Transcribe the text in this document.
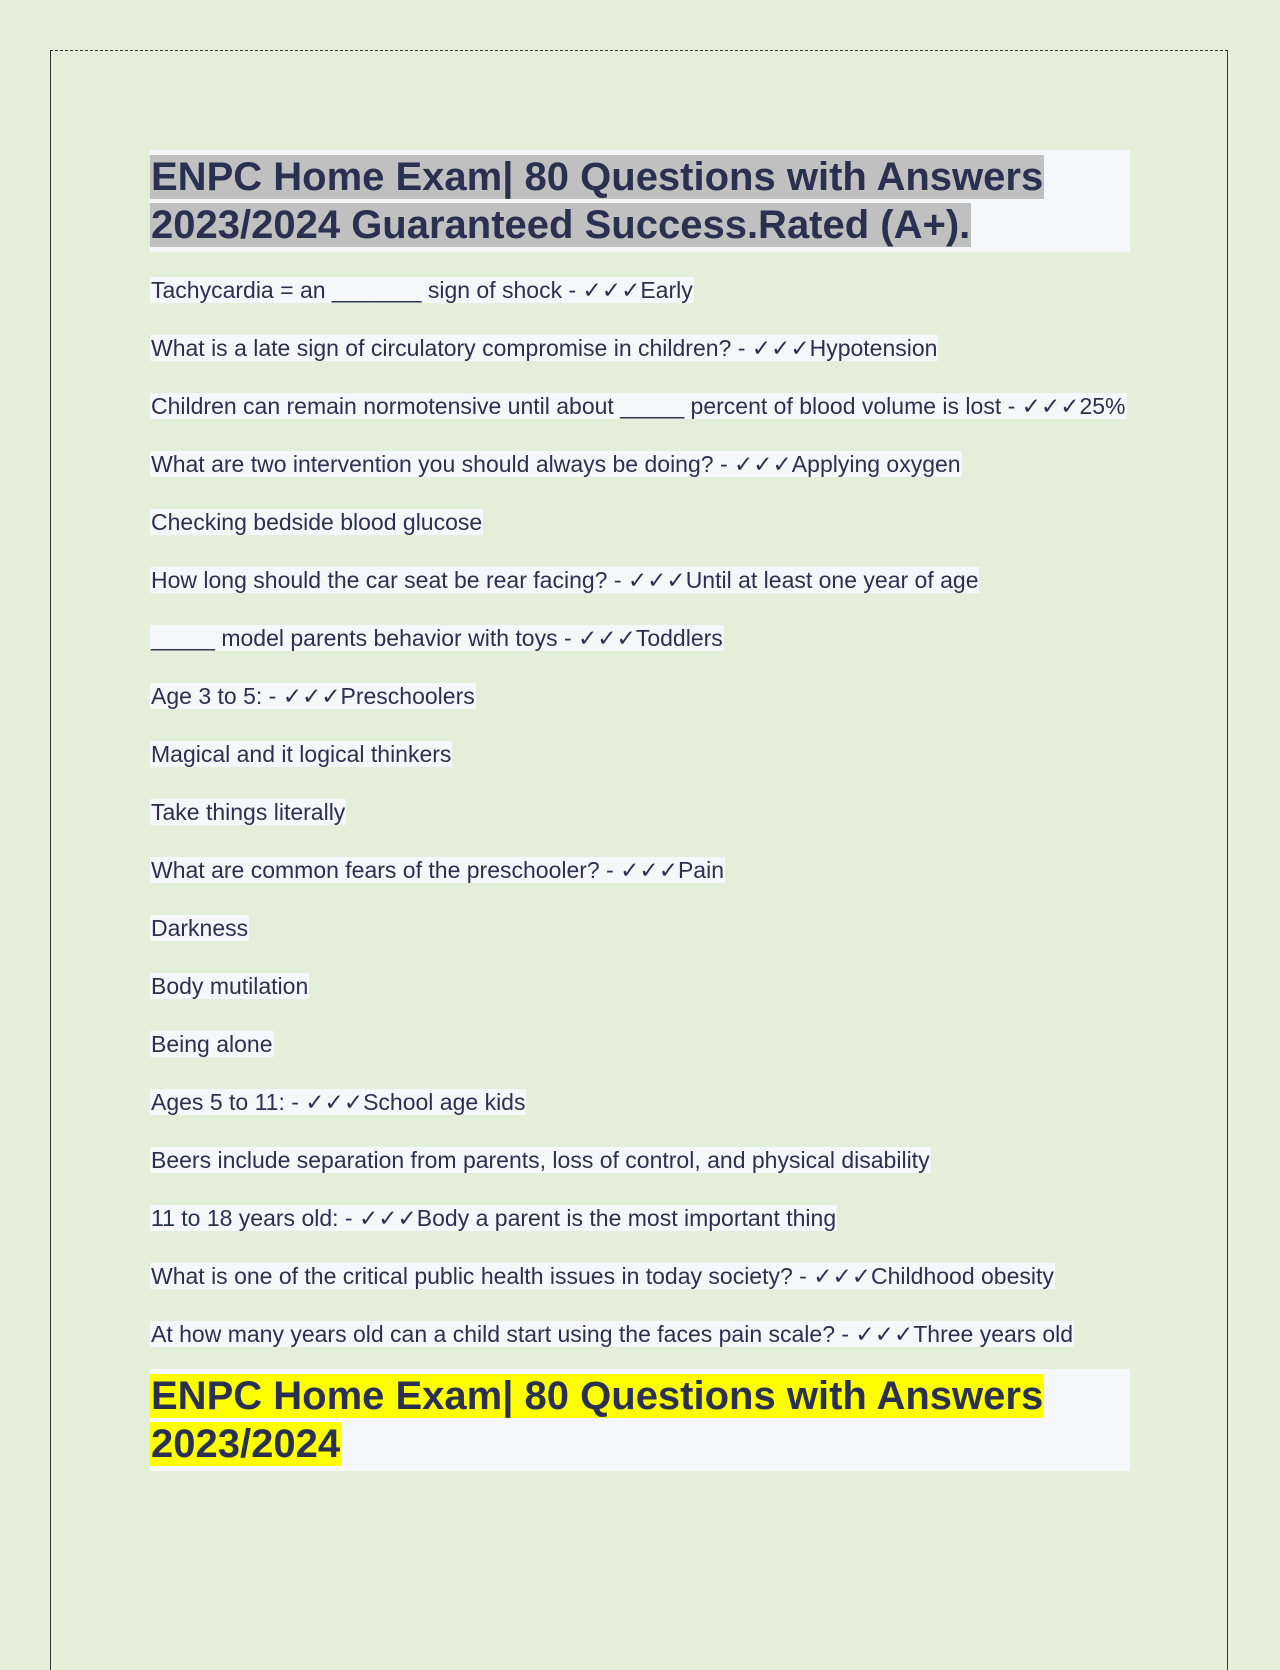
ENPC Home Exam| 80 Questions with Answers 2023/2024 Guaranteed Success.Rated (A+).

Tachycardia = an _______ sign of shock - ✓✓✓Early

What is a late sign of circulatory compromise in children? - ✓✓✓Hypotension

Children can remain normotensive until about _____ percent of blood volume is lost - ✓✓✓25%

What are two intervention you should always be doing? - ✓✓✓Applying oxygen

Checking bedside blood glucose

How long should the car seat be rear facing? - ✓✓✓Until at least one year of age

_____ model parents behavior with toys - ✓✓✓Toddlers

Age 3 to 5: - ✓✓✓Preschoolers

Magical and it logical thinkers

Take things literally

What are common fears of the preschooler? - ✓✓✓Pain

Darkness

Body mutilation

Being alone

Ages 5 to 11: - ✓✓✓School age kids

Beers include separation from parents, loss of control, and physical disability

11 to 18 years old: - ✓✓✓Body a parent is the most important thing

What is one of the critical public health issues in today society? - ✓✓✓Childhood obesity

At how many years old can a child start using the faces pain scale? - ✓✓✓Three years old

ENPC Home Exam| 80 Questions with Answers 2023/2024
